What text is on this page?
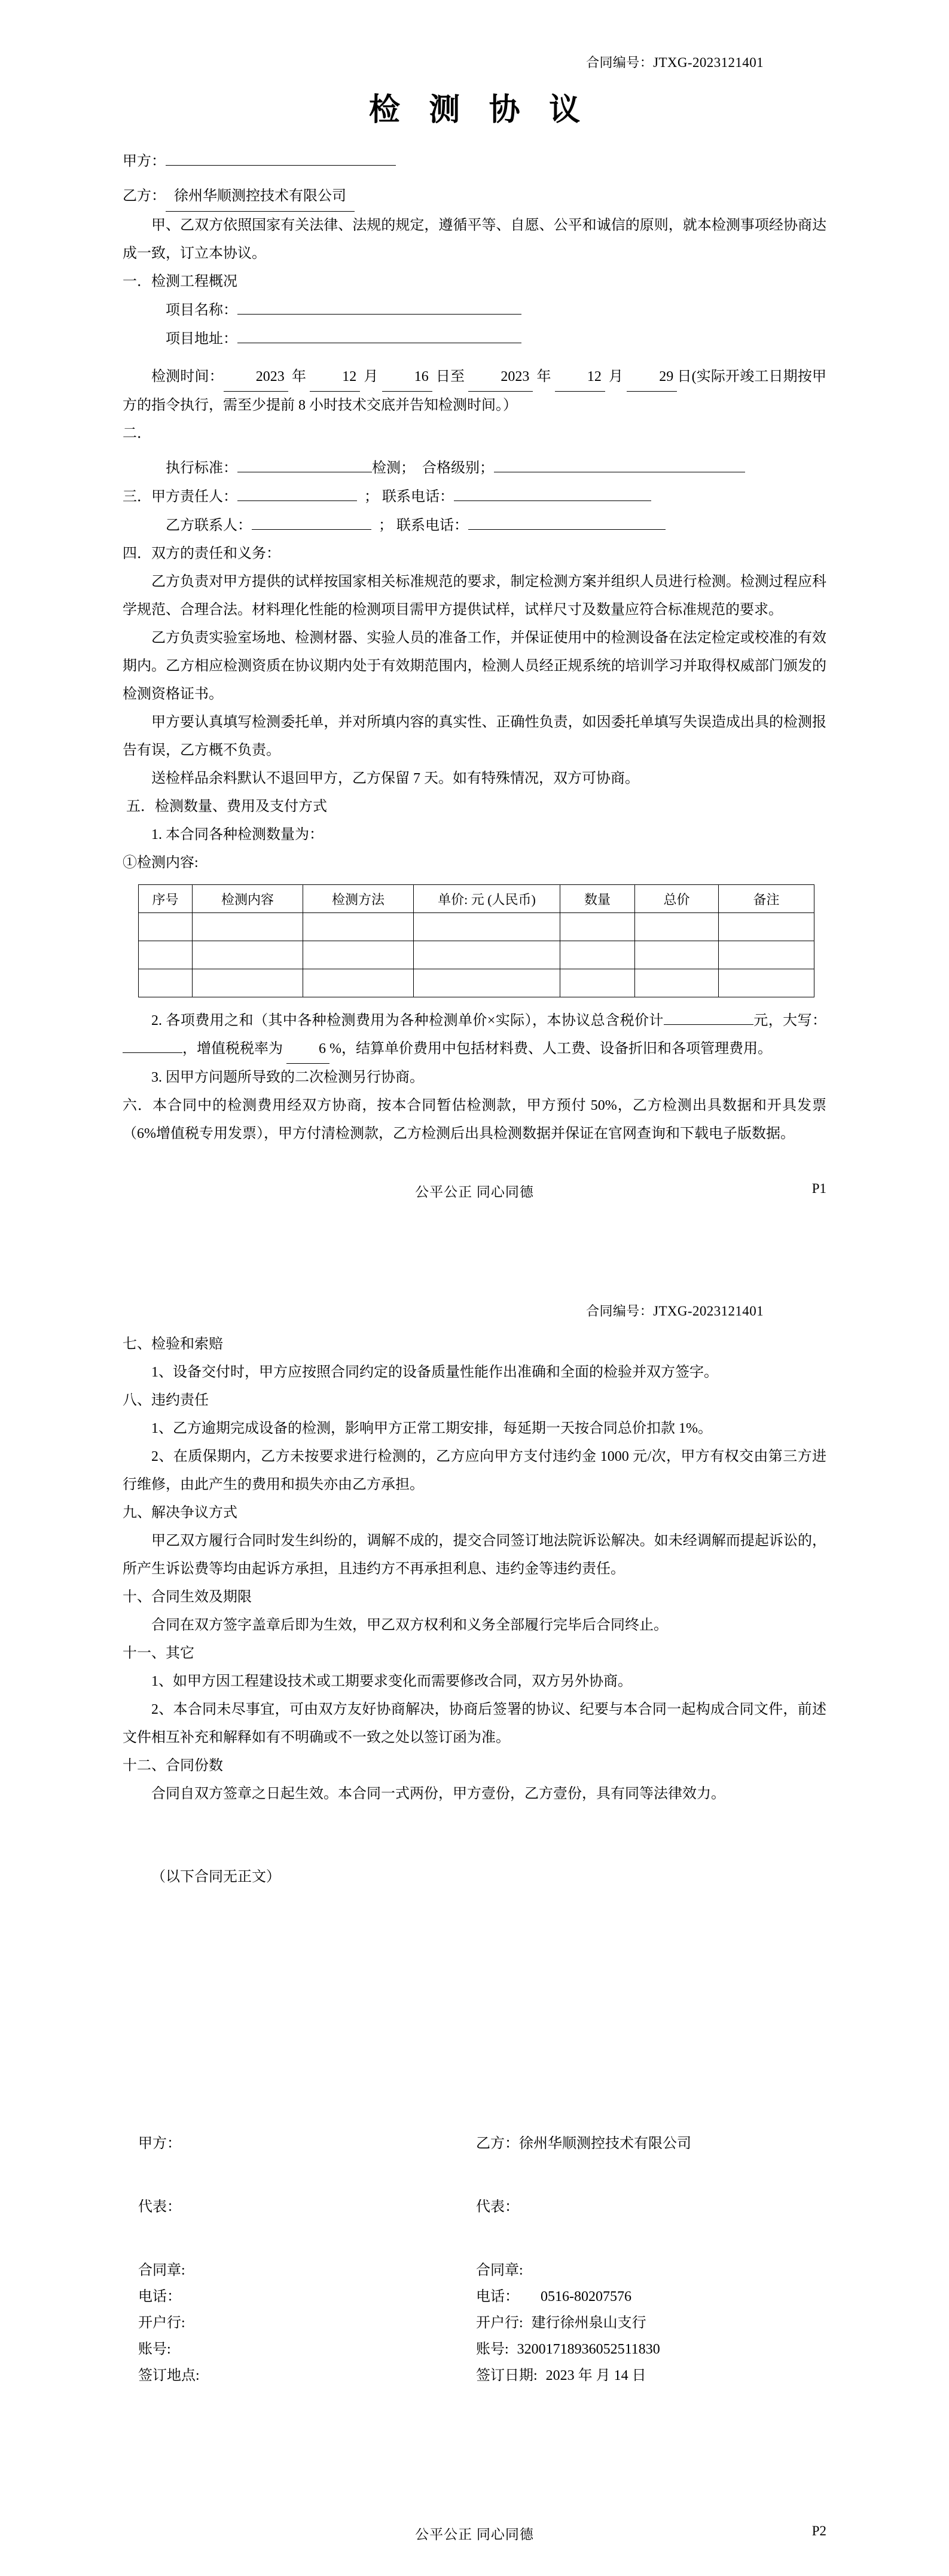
合同编号：JTXG-2023121401
检 测 协 议
甲方：
乙方： 徐州华顺测控技术有限公司

甲、乙双方依照国家有关法律、法规的规定，遵循平等、自愿、公平和诚信的原则，就本检测事项经协商达成一致，订立本协议。

一．检测工程概况
项目名称：
项目地址：

检测时间： 2023 年	12 月	16 日至	2023 年	12 月	29 日(实际开竣工日期按甲方的指令执行，需至少提前 8 小时技术交底并告知检测时间。）

二．
执行标准：	检测； 合格级别；
三．甲方责任人：	； 联系电话：
乙方联系人：	； 联系电话：
四．双方的责任和义务：

乙方负责对甲方提供的试样按国家相关标准规范的要求，制定检测方案并组织人员进行检测。检测过程应科学规范、合理合法。材料理化性能的检测项目需甲方提供试样，试样尺寸及数量应符合标准规范的要求。

乙方负责实验室场地、检测材器、实验人员的准备工作，并保证使用中的检测设备在法定检定或校准的有效期内。乙方相应检测资质在协议期内处于有效期范围内，检测人员经正规系统的培训学习并取得权威部门颁发的检测资格证书。

甲方要认真填写检测委托单，并对所填内容的真实性、正确性负责，如因委托单填写失误造成出具的检测报告有误，乙方概不负责。

送检样品余料默认不退回甲方，乙方保留 7 天。如有特殊情况，双方可协商。

五．检测数量、费用及支付方式
1. 本合同各种检测数量为：
①检测内容:
序号	检测内容	检测方法	单价: 元 (人民币)	数量	总价	备注

2. 各项费用之和（其中各种检测费用为各种检测单价×实际），本协议总含税价计	元，大写：，增值税税率为	6 %，结算单价费用中包括材料费、人工费、设备折旧和各项管理费用。

3. 因甲方问题所导致的二次检测另行协商。

六．本合同中的检测费用经双方协商，按本合同暂估检测款，甲方预付 50%，乙方检测出具数据和开具发票（6%增值税专用发票），甲方付清检测款，乙方检测后出具检测数据并保证在官网查询和下载电子版数据。

公平公正 同心同德	P1
合同编号：JTXG-2023121401
七、检验和索赔

1、设备交付时，甲方应按照合同约定的设备质量性能作出准确和全面的检验并双方签字。

八、违约责任

1、乙方逾期完成设备的检测，影响甲方正常工期安排，每延期一天按合同总价扣款 1%。

2、在质保期内，乙方未按要求进行检测的，乙方应向甲方支付违约金 1000 元/次，甲方有权交由第三方进行维修，由此产生的费用和损失亦由乙方承担。

九、解决争议方式

甲乙双方履行合同时发生纠纷的，调解不成的，提交合同签订地法院诉讼解决。如未经调解而提起诉讼的，所产生诉讼费等均由起诉方承担，且违约方不再承担利息、违约金等违约责任。

十、合同生效及期限

合同在双方签字盖章后即为生效，甲乙双方权利和义务全部履行完毕后合同终止。

十一、其它

1、如甲方因工程建设技术或工期要求变化而需要修改合同，双方另外协商。

2、本合同未尽事宜，可由双方友好协商解决，协商后签署的协议、纪要与本合同一起构成合同文件，前述文件相互补充和解释如有不明确或不一致之处以签订函为准。

十二、合同份数

合同自双方签章之日起生效。本合同一式两份，甲方壹份，乙方壹份，具有同等法律效力。

（以下合同无正文）
甲方：	乙方：徐州华顺测控技术有限公司
代表：	代表：
合同章:	合同章:
电话：	电话： 0516-80207576
开户行:	开户行: 建行徐州泉山支行
账号:	账号: 32001718936052511830
签订地点:	签订日期: 2023 年 月 14 日
公平公正 同心同德	P2
